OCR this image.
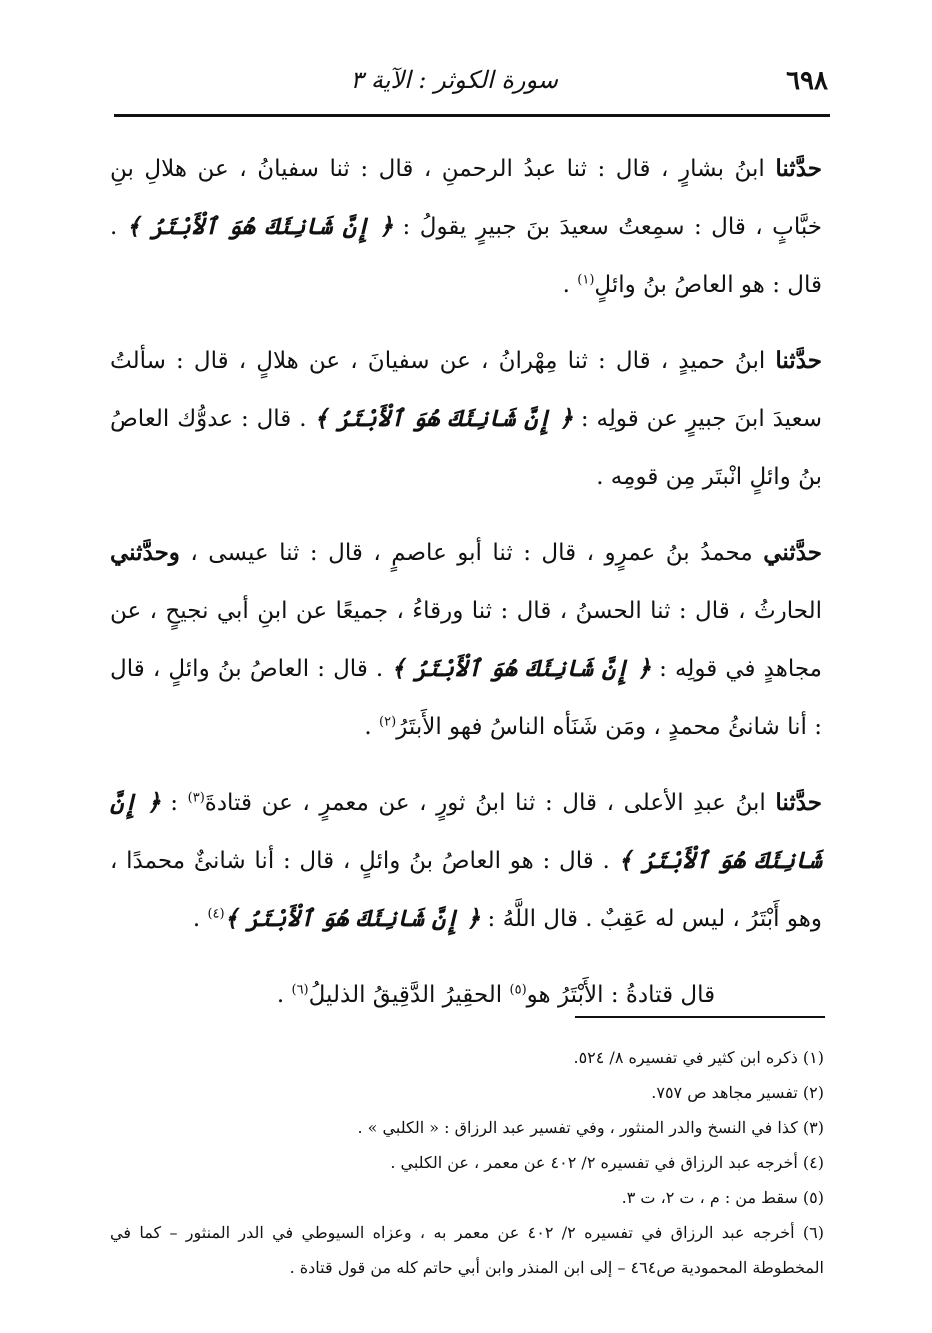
٦٩٨
سورة الكوثر : الآية ٣

حدَّثنا ابنُ بشارٍ ، قال : ثنا عبدُ الرحمنِ ، قال : ثنا سفيانُ ، عن هلالِ بنِ خبَّابٍ ، قال : سمِعتُ سعيدَ بنَ جبيرٍ يقولُ : ﴿ إِنَّ شَانِئَكَ هُوَ ٱلْأَبْتَرُ ﴾ . قال : هو العاصُ بنُ وائلٍ$^{(١)}$ .

حدَّثنا ابنُ حميدٍ ، قال : ثنا مِهْرانُ ، عن سفيانَ ، عن هلالٍ ، قال : سألتُ سعيدَ ابنَ جبيرٍ عن قولِه : ﴿ إِنَّ شَانِئَكَ هُوَ ٱلْأَبْتَرُ ﴾ . قال : عدوُّك العاصُ بنُ وائلٍ انْبتَر مِن قومِه .

حدَّثني محمدُ بنُ عمرٍو ، قال : ثنا أبو عاصمٍ ، قال : ثنا عيسى ، وحدَّثني الحارثُ ، قال : ثنا الحسنُ ، قال : ثنا ورقاءُ ، جميعًا عن ابنِ أبي نجيحٍ ، عن مجاهدٍ في قولِه : ﴿ إِنَّ شَانِئَكَ هُوَ ٱلْأَبْتَرُ ﴾ . قال : العاصُ بنُ وائلٍ ، قال : أنا شانئُ محمدٍ ، ومَن شَنَأه الناسُ فهو الأَبتَرُ$^{(٢)}$ .

حدَّثنا ابنُ عبدِ الأعلى ، قال : ثنا ابنُ ثورٍ ، عن معمرٍ ، عن قتادةَ$^{(٣)}$ : ﴿ إِنَّ شَانِئَكَ هُوَ ٱلْأَبْتَرُ ﴾ . قال : هو العاصُ بنُ وائلٍ ، قال : أنا شانئٌ محمدًا ، وهو أَبْتَرُ ، ليس له عَقِبٌ . قال اللَّهُ : ﴿ إِنَّ شَانِئَكَ هُوَ ٱلْأَبْتَرُ ﴾$^{(٤)}$ .

قال قتادةُ : الأَبْتَرُ هو$^{(٥)}$ الحقِيرُ الدَّقِيقُ الذليلُ$^{(٦)}$ .

(١) ذكره ابن كثير في تفسيره ٨/ ٥٢٤.

(٢) تفسير مجاهد ص ٧٥٧.

(٣) كذا في النسخ والدر المنثور ، وفي تفسير عبد الرزاق : « الكلبي » .

(٤) أخرجه عبد الرزاق في تفسيره ٢/ ٤٠٢ عن معمر ، عن الكلبي .

(٥) سقط من : م ، ت ٢، ت ٣.

(٦) أخرجه عبد الرزاق في تفسيره ٢/ ٤٠٢ عن معمر به ، وعزاه السيوطي في الدر المنثور – كما في المخطوطة المحمودية ص٤٦٤ – إلى ابن المنذر وابن أبي حاتم كله من قول قتادة .
